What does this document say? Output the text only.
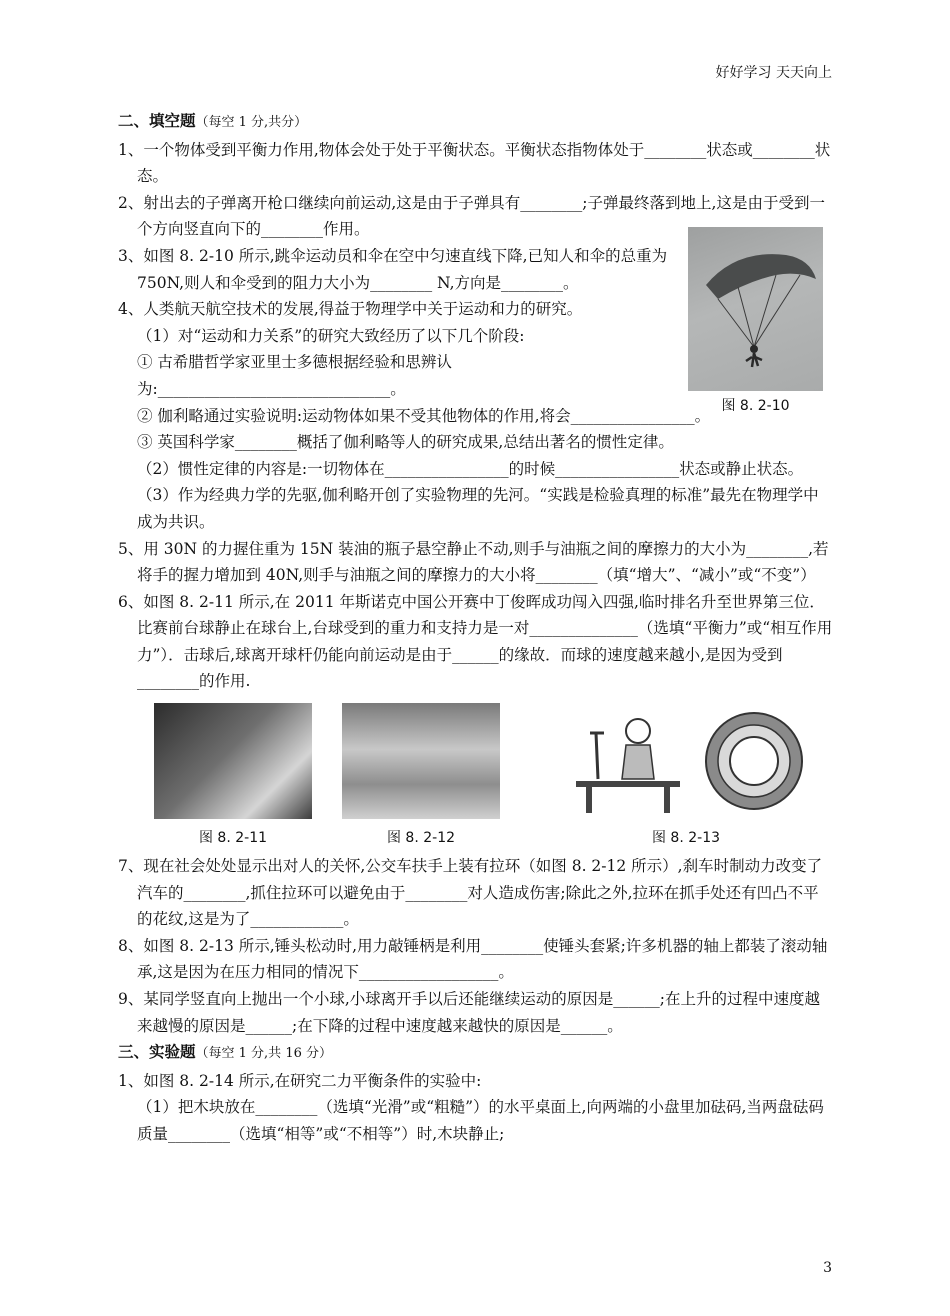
好好学习 天天向上
图 8. 2-10

二、填空题（每空 1 分,共分）

1、一个物体受到平衡力作用,物体会处于处于平衡状态。平衡状态指物体处于________状态或________状态。

2、射出去的子弹离开枪口继续向前运动,这是由于子弹具有________;子弹最终落到地上,这是由于受到一个方向竖直向下的________作用。

3、如图 8. 2-10 所示,跳伞运动员和伞在空中匀速直线下降,已知人和伞的总重为 750N,则人和伞受到的阻力大小为________ N,方向是________。

4、人类航天航空技术的发展,得益于物理学中关于运动和力的研究。

（1）对“运动和力关系”的研究大致经历了以下几个阶段:

① 古希腊哲学家亚里士多德根据经验和思辨认为:______________________________。

② 伽利略通过实验说明:运动物体如果不受其他物体的作用,将会________________。

③ 英国科学家________概括了伽利略等人的研究成果,总结出著名的惯性定律。

（2）惯性定律的内容是:一切物体在________________的时候________________状态或静止状态。

（3）作为经典力学的先驱,伽利略开创了实验物理的先河。“实践是检验真理的标准”最先在物理学中成为共识。

5、用 30N 的力握住重为 15N 装油的瓶子悬空静止不动,则手与油瓶之间的摩擦力的大小为________,若将手的握力增加到 40N,则手与油瓶之间的摩擦力的大小将________（填“增大”、“减小”或“不变”）

6、如图 8. 2-11 所示,在 2011 年斯诺克中国公开赛中丁俊晖成功闯入四强,临时排名升至世界第三位．比赛前台球静止在球台上,台球受到的重力和支持力是一对______________（选填“平衡力”或“相互作用力”）．击球后,球离开球杆仍能向前运动是由于______的缘故．而球的速度越来越小,是因为受到________的作用.

图 8. 2-11	图 8. 2-12	图 8. 2-13

7、现在社会处处显示出对人的关怀,公交车扶手上装有拉环（如图 8. 2-12 所示）,刹车时制动力改变了汽车的________,抓住拉环可以避免由于________对人造成伤害;除此之外,拉环在抓手处还有凹凸不平的花纹,这是为了____________。

8、如图 8. 2-13 所示,锤头松动时,用力敲锤柄是利用________使锤头套紧;许多机器的轴上都装了滚动轴承,这是因为在压力相同的情况下__________________。

9、某同学竖直向上抛出一个小球,小球离开手以后还能继续运动的原因是______;在上升的过程中速度越来越慢的原因是______;在下降的过程中速度越来越快的原因是______。

三、实验题（每空 1 分,共 16 分）

1、如图 8. 2-14 所示,在研究二力平衡条件的实验中:

（1）把木块放在________（选填“光滑”或“粗糙”）的水平桌面上,向两端的小盘里加砝码,当两盘砝码质量________（选填“相等”或“不相等”）时,木块静止;

3
